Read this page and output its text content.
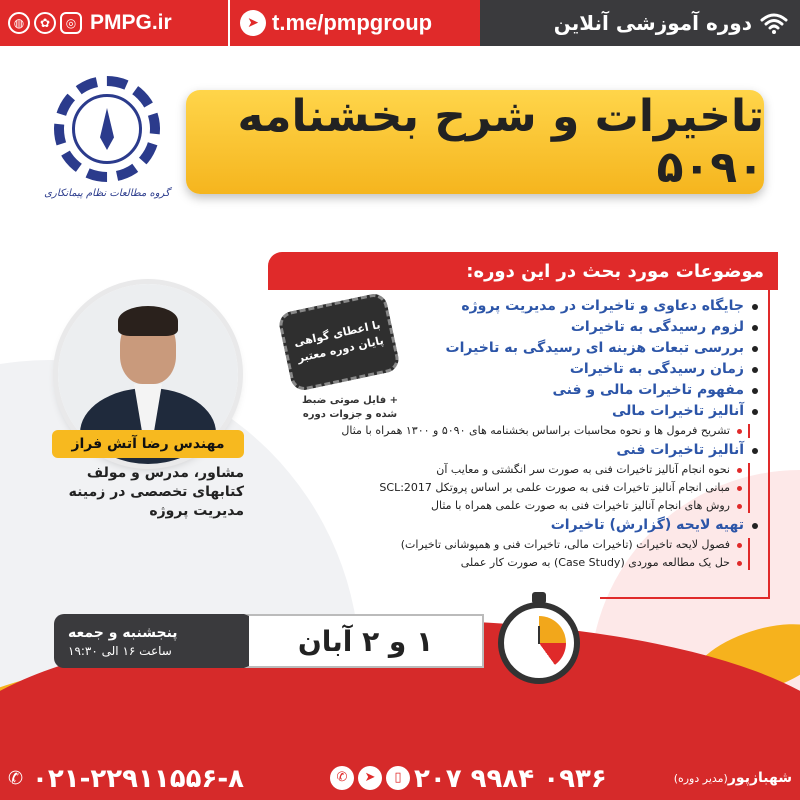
◍	✿	◎ PMPG.ir	➤ t.me/pmpgroup	دوره آموزشی آنلاین
گروه مطالعات نظام پیمانکاری
تاخیرات و شرح بخشنامه ۵۰۹۰
موضوعات مورد بحث در این دوره:
جایگاه دعاوی و تاخیرات در مدیریت پروژه
لزوم رسیدگی به تاخیرات
بررسی تبعات هزینه ای رسیدگی به تاخیرات
زمان رسیدگی به تاخیرات
مفهوم تاخیرات مالی و فنی
آنالیز تاخیرات مالی
تشریح فرمول ها و نحوه محاسبات براساس بخشنامه های ۵۰۹۰ و ۱۳۰۰ همراه با مثال
آنالیز تاخیرات فنی
نحوه انجام آنالیز تاخیرات فنی به صورت سر انگشتی و معایب آن
مبانی انجام آنالیز تاخیرات فنی به صورت علمی بر اساس پروتکل SCL:2017
روش های انجام آنالیز تاخیرات فنی به صورت علمی همراه با مثال
تهیه لایحه (گزارش) تاخیرات
فصول لایحه تاخیرات (تاخیرات مالی، تاخیرات فنی و همپوشانی تاخیرات)
حل یک مطالعه موردی (Case Study) به صورت کار عملی
با اعطای گواهی
پایان دوره معتبر
+ فایل صوتی ضبط شده و جزوات دوره
مهندس رضا آتش فراز
مشاور، مدرس و مولف کتابهای تخصصی در زمینه مدیریت پروژه
پنجشنبه و جمعه
ساعت ۱۶ الی ۱۹:۳۰	۱ و ۲ آبان
✆ ۰۲۱-۲۲۹۱۱۵۵۶-۸	✆	➤	▯ ۰۹۳۶ ۹۹۸۴ ۲۰۷	شهبازپور(مدیر دوره)
